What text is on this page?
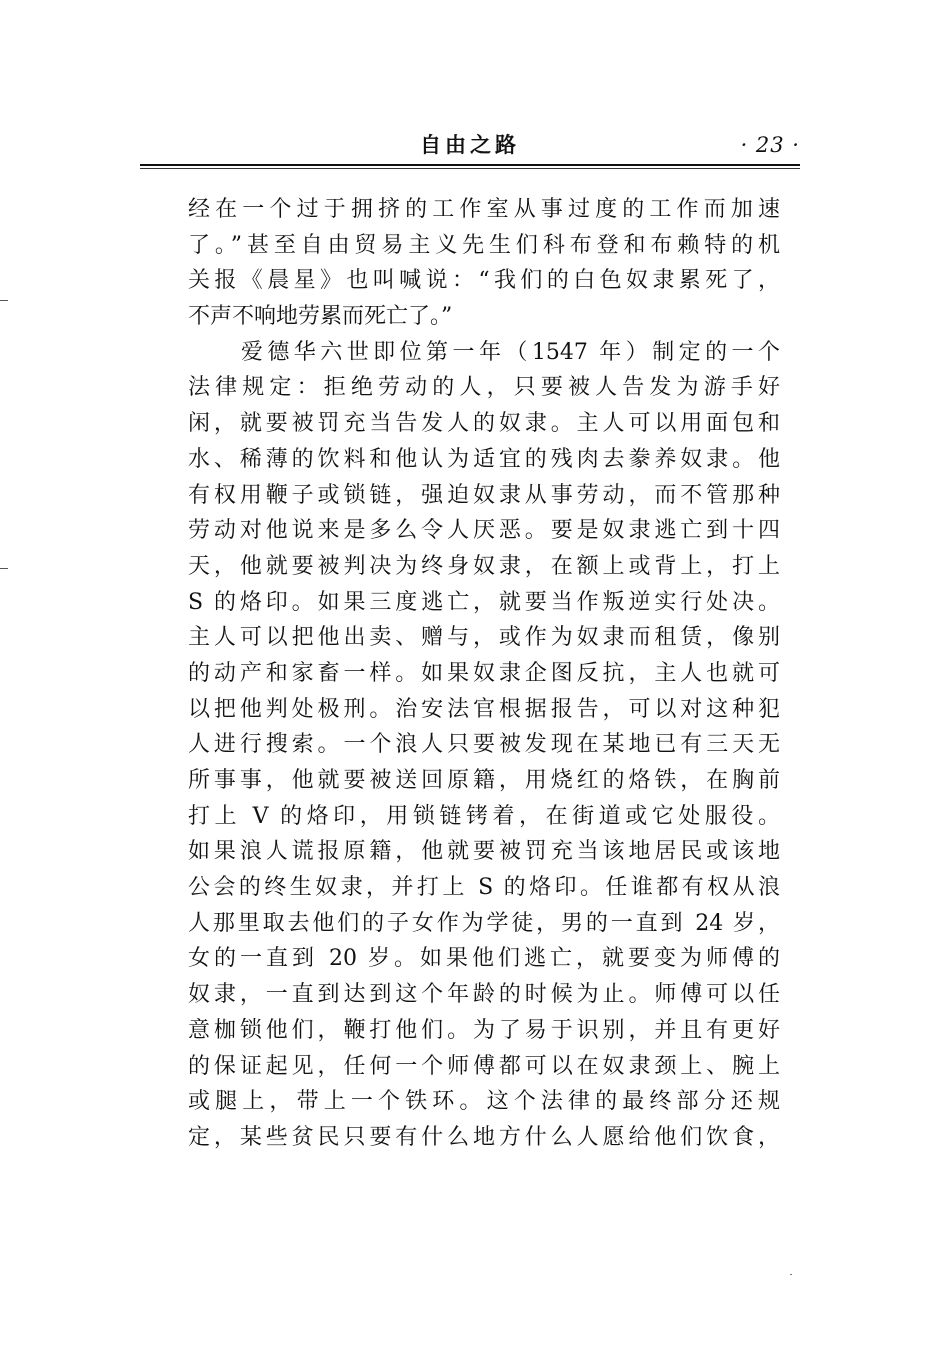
自由之路	· 23 ·
经在一个过于拥挤的工作室从事过度的工作而加速
了。”甚至自由贸易主义先生们科布登和布赖特的机
关报《晨星》也叫喊说：“我们的白色奴隶累死了，
不声不响地劳累而死亡了。”
　　爱德华六世即位第一年（1547 年）制定的一个
法律规定：拒绝劳动的人，只要被人告发为游手好
闲，就要被罚充当告发人的奴隶。主人可以用面包和
水、稀薄的饮料和他认为适宜的残肉去豢养奴隶。他
有权用鞭子或锁链，强迫奴隶从事劳动，而不管那种
劳动对他说来是多么令人厌恶。要是奴隶逃亡到十四
天，他就要被判决为终身奴隶，在额上或背上，打上
S 的烙印。如果三度逃亡，就要当作叛逆实行处决。
主人可以把他出卖、赠与，或作为奴隶而租赁，像别
的动产和家畜一样。如果奴隶企图反抗，主人也就可
以把他判处极刑。治安法官根据报告，可以对这种犯
人进行搜索。一个浪人只要被发现在某地已有三天无
所事事，他就要被送回原籍，用烧红的烙铁，在胸前
打上 V 的烙印，用锁链铐着，在街道或它处服役。
如果浪人谎报原籍，他就要被罚充当该地居民或该地
公会的终生奴隶，并打上 S 的烙印。任谁都有权从浪
人那里取去他们的子女作为学徒，男的一直到 24 岁，
女的一直到 20 岁。如果他们逃亡，就要变为师傅的
奴隶，一直到达到这个年龄的时候为止。师傅可以任
意枷锁他们，鞭打他们。为了易于识别，并且有更好
的保证起见，任何一个师傅都可以在奴隶颈上、腕上
或腿上，带上一个铁环。这个法律的最终部分还规
定，某些贫民只要有什么地方什么人愿给他们饮食，
